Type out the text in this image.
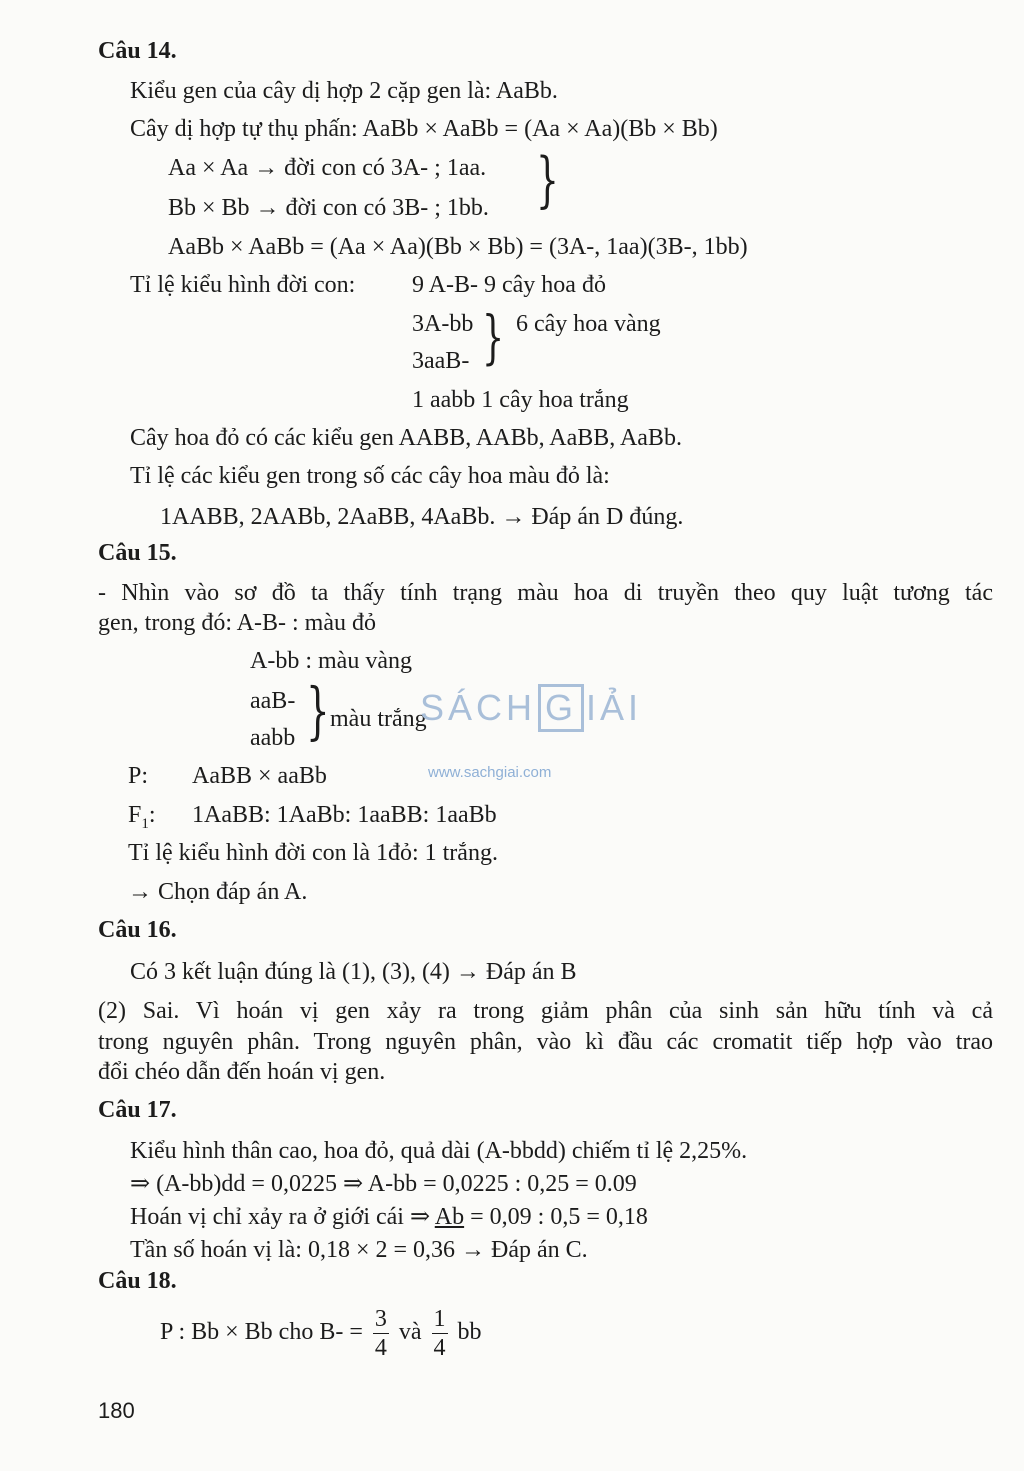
Câu 14.
Kiểu gen của cây dị hợp 2 cặp gen là: AaBb.
Cây dị hợp tự thụ phấn: AaBb × AaBb = (Aa × Aa)(Bb × Bb)
Aa × Aa → đời con có 3A- ; 1aa.
Bb × Bb → đời con có 3B- ; 1bb. }
AaBb × AaBb = (Aa × Aa)(Bb × Bb) = (3A-, 1aa)(3B-, 1bb)
Tỉ lệ kiểu hình đời con: 9 A-B- 9 cây hoa đỏ
3A-bb } 6 cây hoa vàng
3aaB-
1 aabb 1 cây hoa trắng
Cây hoa đỏ có các kiểu gen AABB, AABb, AaBB, AaBb.
Tỉ lệ các kiểu gen trong số các cây hoa màu đỏ là:
1AABB, 2AABb, 2AaBB, 4AaBb. → Đáp án D đúng.
Câu 15.
- Nhìn vào sơ đồ ta thấy tính trạng màu hoa di truyền theo quy luật tương tác
gen, trong đó: A-B- : màu đỏ
A-bb : màu vàng
aaB- } màu trắng
aabb
P: AaBB × aaBb
$F_1$: 1AaBB: 1AaBb: 1aaBB: 1aaBb
Tỉ lệ kiểu hình đời con là 1đỏ: 1 trắng.
→ Chọn đáp án A.
Câu 16.
Có 3 kết luận đúng là (1), (3), (4) → Đáp án B
(2) Sai. Vì hoán vị gen xảy ra trong giảm phân của sinh sản hữu tính và cả
trong nguyên phân. Trong nguyên phân, vào kì đầu các cromatit tiếp hợp vào trao
đổi chéo dẫn đến hoán vị gen.
Câu 17.
Kiểu hình thân cao, hoa đỏ, quả dài (A-bbdd) chiếm tỉ lệ 2,25%.
⇒ (A-bb)dd = 0,0225 ⇒ A-bb = 0,0225 : 0,25 = 0.09
Hoán vị chỉ xảy ra ở giới cái ⇒ Ab = 0,09 : 0,5 = 0,18
Tần số hoán vị là: 0,18 × 2 = 0,36 → Đáp án C.
Câu 18.
P : Bb × Bb cho $B- = \frac{3}{4}$ và $\frac{1}{4}$ bb
SÁCH G IẢI
www.sachgiai.com
180
